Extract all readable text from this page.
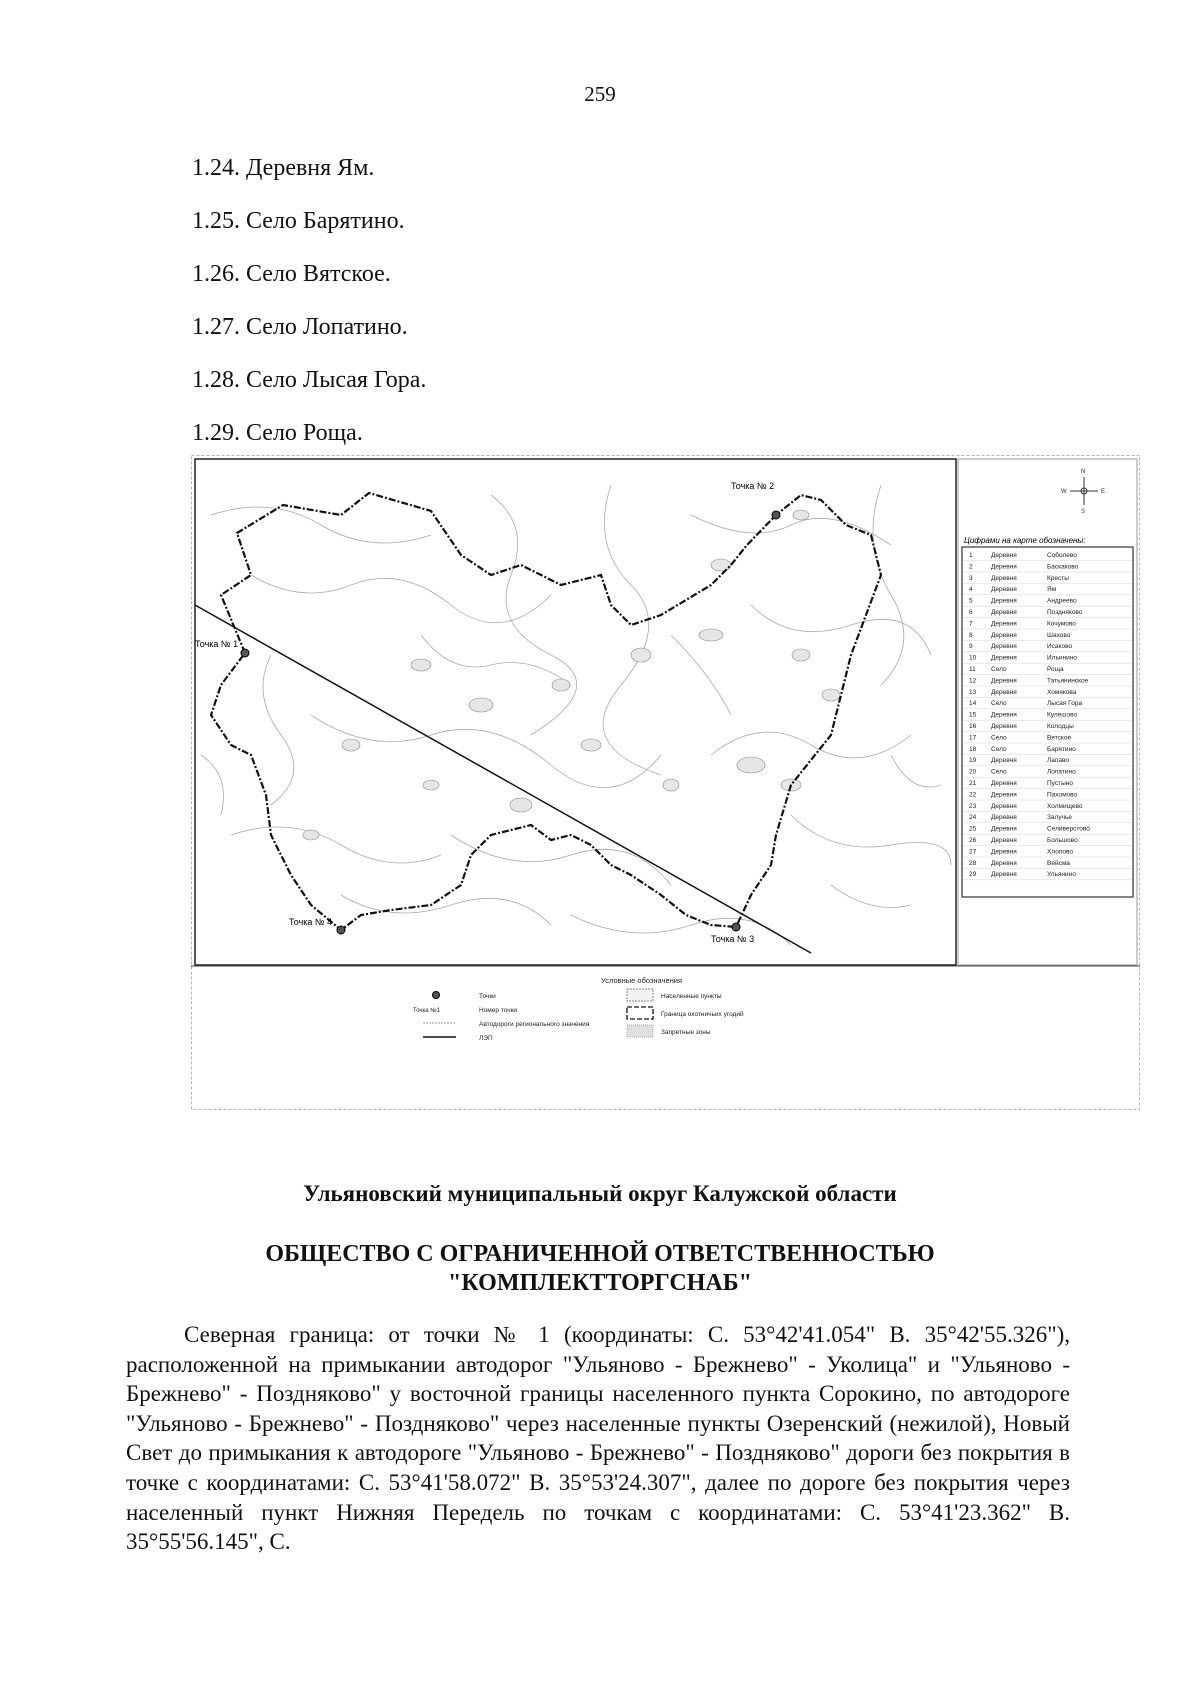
259
1.24. Деревня Ям.
1.25. Село Барятино.
1.26. Село Вятское.
1.27. Село Лопатино.
1.28. Село Лысая Гора.
1.29. Село Роща.
Точка № 1
Точка № 2
Точка № 3
Точка № 4
N
S
W	E
Цифрами на карте обозначены:
1	Деревня	Соболево
2	Деревня	Баскаково
3	Деревня	Кресты
4	Деревня	Ям
5	Деревня	Андреево
6	Деревня	Поздняково
7	Деревня	Кочумово
8	Деревня	Шахово
9	Деревня	Исаково
10 Деревня	Ильинино
11 Село	Роща
12 Деревня	Татьянинское
13 Деревня	Хомякова
14 Село	Лысая Гора
15 Деревня	Кулешово
16 Деревня	Колодцы
17 Село	Вятское
18 Село	Барятино
19 Деревня	Лапаво
20 Село	Лопатино
21 Деревня	Пустыно
22 Деревня	Пахомово
23 Деревня	Холмищево
24 Деревня	Залучье
25 Деревня	Селиверстово
26 Деревня	Большово
27 Деревня	Хлопово
28 Деревня	Вейсма
29 Деревня	Ульянино
Условные обозначения
Точки
Точка №1	Номер точки
Автодороги регионального значения
ЛЭП
Населенные пункты
Граница охотничьих угодий
Запретные зоны
Ульяновский муниципальный округ Калужской области
ОБЩЕСТВО С ОГРАНИЧЕННОЙ ОТВЕТСТВЕННОСТЬЮ
"КОМПЛЕКТТОРГСНАБ"

Северная граница: от точки № 1 (координаты: С. 53°42'41.054" В. 35°42'55.326"), расположенной на примыкании автодорог "Ульяново - Брежнево" - Уколица" и "Ульяново - Брежнево" - Поздняково" у восточной границы населенного пункта Сорокино, по автодороге "Ульяново - Брежнево" - Поздняково" через населенные пункты Озеренский (нежилой), Новый Свет до примыкания к автодороге "Ульяново - Брежнево" - Поздняково" дороги без покрытия в точке с координатами: С. 53°41'58.072" В. 35°53'24.307", далее по дороге без покрытия через населенный пункт Нижняя Передель по точкам с координатами: С. 53°41'23.362" В. 35°55'56.145", С.
